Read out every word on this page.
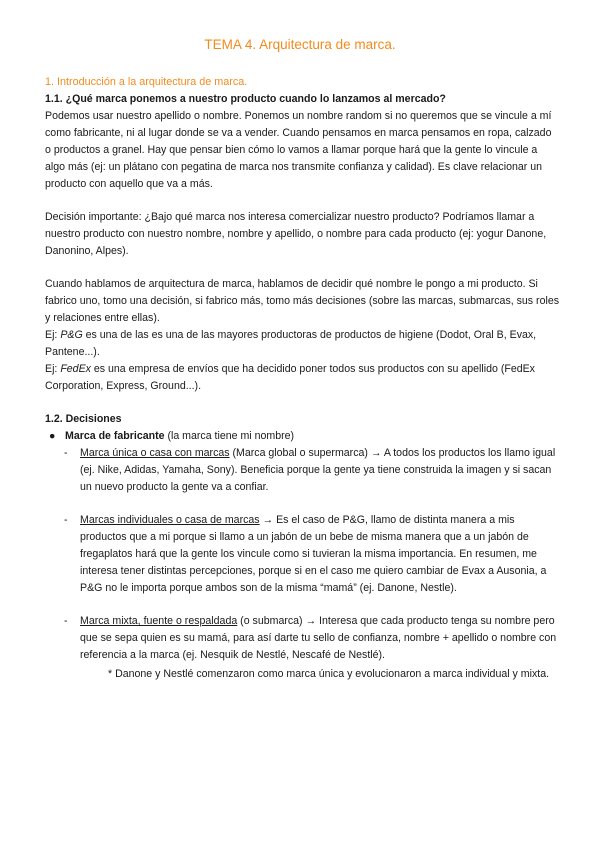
TEMA 4. Arquitectura de marca.

1. Introducción a la arquitectura de marca.

1.1. ¿Qué marca ponemos a nuestro producto cuando lo lanzamos al mercado?

Podemos usar nuestro apellido o nombre. Ponemos un nombre random si no queremos que se vincule a mí como fabricante, ni al lugar donde se va a vender. Cuando pensamos en marca pensamos en ropa, calzado o productos a granel. Hay que pensar bien cómo lo vamos a llamar porque hará que la gente lo vincule a algo más (ej: un plátano con pegatina de marca nos transmite confianza y calidad). Es clave relacionar un producto con aquello que va a más.

Decisión importante: ¿Bajo qué marca nos interesa comercializar nuestro producto? Podríamos llamar a nuestro producto con nuestro nombre, nombre y apellido, o nombre para cada producto (ej: yogur Danone, Danonino, Alpes).

Cuando hablamos de arquitectura de marca, hablamos de decidir qué nombre le pongo a mi producto. Si fabrico uno, tomo una decisión, si fabrico más, tomo más decisiones (sobre las marcas, submarcas, sus roles y relaciones entre ellas).

Ej: P&G es una de las es una de las mayores productoras de productos de higiene (Dodot, Oral B, Evax, Pantene...).

Ej: FedEx es una empresa de envíos que ha decidido poner todos sus productos con su apellido (FedEx Corporation, Express, Ground...).

1.2. Decisiones

● Marca de fabricante (la marca tiene mi nombre)

- Marca única o casa con marcas (Marca global o supermarca) → A todos los productos los llamo igual (ej. Nike, Adidas, Yamaha, Sony). Beneficia porque la gente ya tiene construida la imagen y si sacan un nuevo producto la gente va a confiar.

- Marcas individuales o casa de marcas → Es el caso de P&G, llamo de distinta manera a mis productos que a mi porque si llamo a un jabón de un bebe de misma manera que a un jabón de fregaplatos hará que la gente los vincule como si tuvieran la misma importancia. En resumen, me interesa tener distintas percepciones, porque si en el caso me quiero cambiar de Evax a Ausonia, a P&G no le importa porque ambos son de la misma “mamá” (ej. Danone, Nestle).

- Marca mixta, fuente o respaldada (o submarca) → Interesa que cada producto tenga su nombre pero que se sepa quien es su mamá, para así darte tu sello de confianza, nombre + apellido o nombre con referencia a la marca (ej. Nesquik de Nestlé, Nescafé de Nestlé).

* Danone y Nestlé comenzaron como marca única y evolucionaron a marca individual y mixta.
